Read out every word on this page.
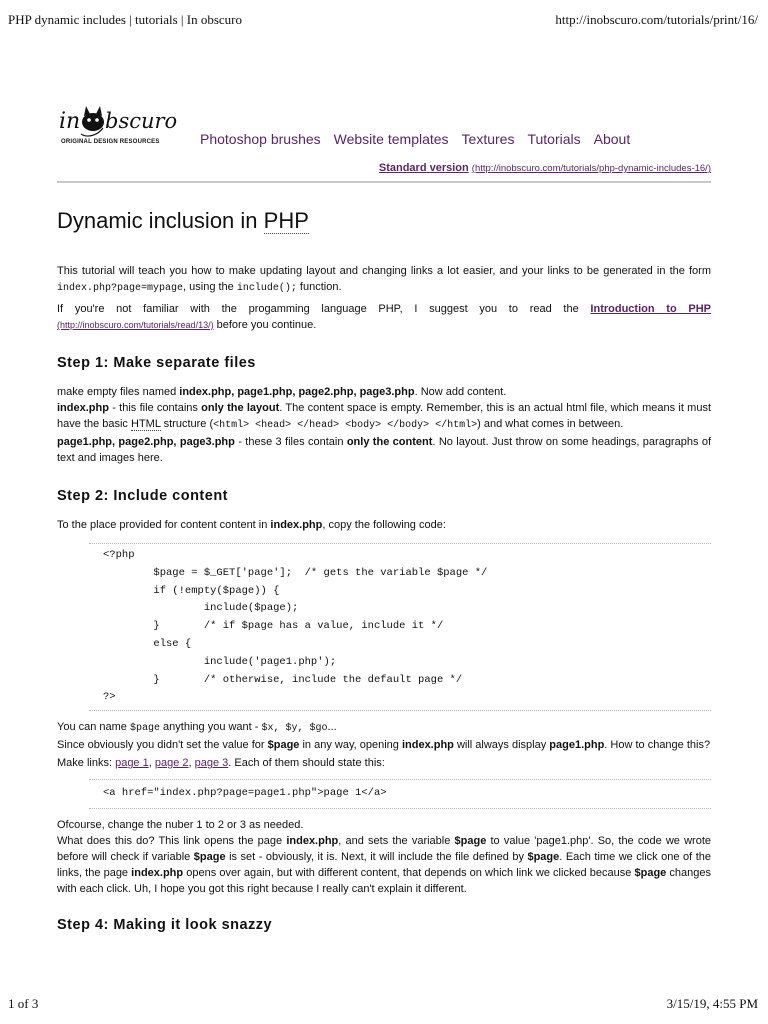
PHP dynamic includes | tutorials | In obscuro	http://inobscuro.com/tutorials/print/16/
in bscuro
ORIGINAL DESIGN RESOURCES	Photoshop brushes Website templates Textures Tutorials About
Standard version (http://inobscuro.com/tutorials/php-dynamic-includes-16/)
Dynamic inclusion in PHP

This tutorial will teach you how to make updating layout and changing links a lot easier, and your links to be generated in the form index.php?page=mypage, using the include(); function.

If you're not familiar with the progamming language PHP, I suggest you to read the Introduction to PHP (http://inobscuro.com/tutorials/read/13/) before you continue.

Step 1: Make separate files

make empty files named index.php, page1.php, page2.php, page3.php. Now add content.

index.php - this file contains only the layout. The content space is empty. Remember, this is an actual html file, which means it must have the basic HTML structure (<html> <head> </head> <body> </body> </html>) and what comes in between.

page1.php, page2.php, page3.php - these 3 files contain only the content. No layout. Just throw on some headings, paragraphs of text and images here.

Step 2: Include content

To the place provided for content content in index.php, copy the following code:

<?php
$page = $_GET['page'];  /* gets the variable $page */
if (!empty($page)) {
include($page);
}       /* if $page has a value, include it */
else {
include('page1.php');
}       /* otherwise, include the default page */
?>

You can name $page anything you want - $x, $y, $go...

Since obviously you didn't set the value for $page in any way, opening index.php will always display page1.php. How to change this?

Make links: page 1, page 2, page 3. Each of them should state this:

<a href="index.php?page=page1.php">page 1</a>

Ofcourse, change the nuber 1 to 2 or 3 as needed.

What does this do? This link opens the page index.php, and sets the variable $page to value 'page1.php'. So, the code we wrote before will check if variable $page is set - obviously, it is. Next, it will include the file defined by $page. Each time we click one of the links, the page index.php opens over again, but with different content, that depends on which link we clicked because $page changes with each click. Uh, I hope you got this right because I really can't explain it different.

Step 4: Making it look snazzy
1 of 3	3/15/19, 4:55 PM
